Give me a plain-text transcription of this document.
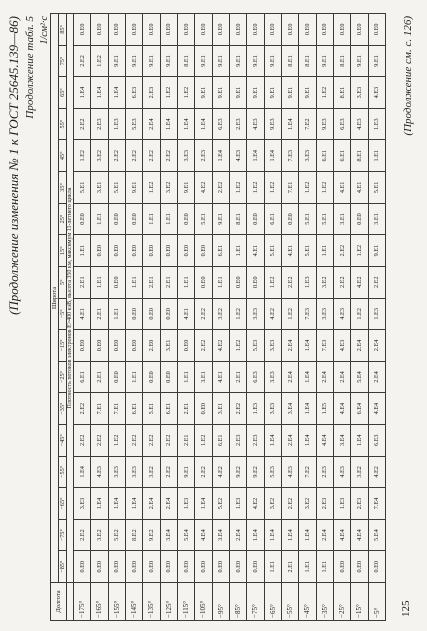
(Продолжение изменения № 1 к ГОСТ 25645.139—86) Продолжение табл. 5 1/см²·с
Долгота	Широта																	
	−85°	−75°	−65°	−55°	−45°	−35°	−25°	−15°	−5°	5°	15°	25°	35°	45°	55°	65°	75°	85°
	Плотность потоков электронов Е>400 кэВ, высота 350 км, максимум 11-летнего цикла																	
−175°	0.E0	2.E2	3.E3	1.E4	2.E2	2.E2	6.E1	0.E0	4.E1	2.E1	1.E1	0.E0	5.E1	1.E2	2.E2	1.E4	2.E2	0.E0
−165°	0.E0	3.E2	1.E4	4.E3	2.E2	7.E1	2.E1	0.E0	2.E1	1.E1	0.E0	1.E1	3.E1	3.E2	2.E3	1.E4	1.E2	0.E0
−155°	0.E0	5.E2	1.E4	3.E3	1.E2	7.E1	0.E0	0.E0	1.E1	0.E0	0.E0	0.E0	5.E1	2.E2	1.E3	1.E4	9.E1	0.E0
−145°	0.E0	8.E2	1.E4	3.E3	2.E2	6.E1	1.E1	0.E0	0.E0	1.E1	0.E0	0.E0	9.E1	2.E2	5.E3	6.E3	9.E1	0.E0
−135°	0.E0	9.E2	2.E4	3.E2	2.E2	5.E1	0.E0	2.E0	0.E0	2.E1	0.E0	1.E1	1.E2	2.E2	2.E4	2.E3	9.E1	0.E0
−125°	0.E0	3.E4	2.E4	2.E2	2.E2	6.E1	0.E0	3.E1	0.E0	2.E1	0.E0	1.E1	3.E2	2.E2	1.E4	1.E2	9.E1	0.E0
−115°	0.E0	5.E4	1.E3	9.E1	2.E1	2.E1	1.E1	0.E0	4.E1	1.E1	0.E0	0.E0	9.E1	3.E3	1.E4	1.E2	8.E1	0.E0
−105°	0.E0	4.E4	1.E4	2.E2	1.E2	0.E0	3.E1	2.E2	2.E2	0.E0	0.E0	5.E1	4.E2	2.E3	1.E4	9.E1	9.E1	0.E0
−95°	0.E0	3.E4	5.E2	4.E2	6.E1	3.E1	4.E1	4.E2	3.E2	1.E1	6.E1	9.E1	2.E2	1.E4	6.E3	9.E1	9.E1	0.E0
−85°	0.E0	2.E4	1.E3	9.E2	2.E3	2.E2	2.E1	1.E2	1.E2	0.E0	1.E1	8.E1	1.E2	4.E3	2.E3	9.E1	9.E1	0.E0
−75°	0.E0	1.E4	4.E2	9.E2	2.E3	1.E3	6.E3	5.E3	3.E3	0.E0	4.E1	0.E0	1.E2	1.E4	4.E3	9.E1	9.E1	0.E0
−65°	1.E1	1.E4	3.E2	5.E3	1.E4	3.E3	3.E3	3.E3	4.E2	1.E2	5.E1	6.E1	1.E2	1.E4	9.E3	9.E1	9.E1	0.E0
−55°	2.E1	1.E4	2.E2	4.E3	2.E4	3.E4	2.E4	2.E4	1.E2	2.E2	4.E1	0.E0	7.E1	7.E3	1.E4	9.E1	8.E1	0.E0
−45°	1.E1	1.E4	3.E2	7.E2	1.E4	1.E4	1.E4	1.E4	7.E3	1.E3	5.E1	5.E1	1.E2	3.E3	7.E2	9.E1	8.E1	0.E0
−35°	1.E1	2.E4	2.E3	2.E3	4.E4	1.E5	2.E4	7.E3	3.E3	3.E2	1.E1	5.E1	1.E2	6.E1	9.E3	1.E2	9.E1	0.E0
−25°	0.E0	4.E4	1.E3	4.E3	3.E4	4.E4	2.E4	4.E3	4.E3	2.E2	2.E2	3.E1	4.E1	6.E1	6.E3	8.E1	8.E1	0.E0
−15°	0.E0	4.E4	2.E3	3.E2	1.E4	6.E4	5.E4	2.E4	1.E2	4.E2	1.E2	0.E0	4.E1	8.E1	4.E3	3.E3	9.E1	0.E0
−5°	0.E0	5.E4	7.E4	4.E2	6.E3	4.E4	2.E4	2.E4	1.E3	2.E2	9.E1	3.E1	5.E1	1.E1	1.E3	4.E3	9.E1	0.E0
125
(Продолжение см. с. 126)
